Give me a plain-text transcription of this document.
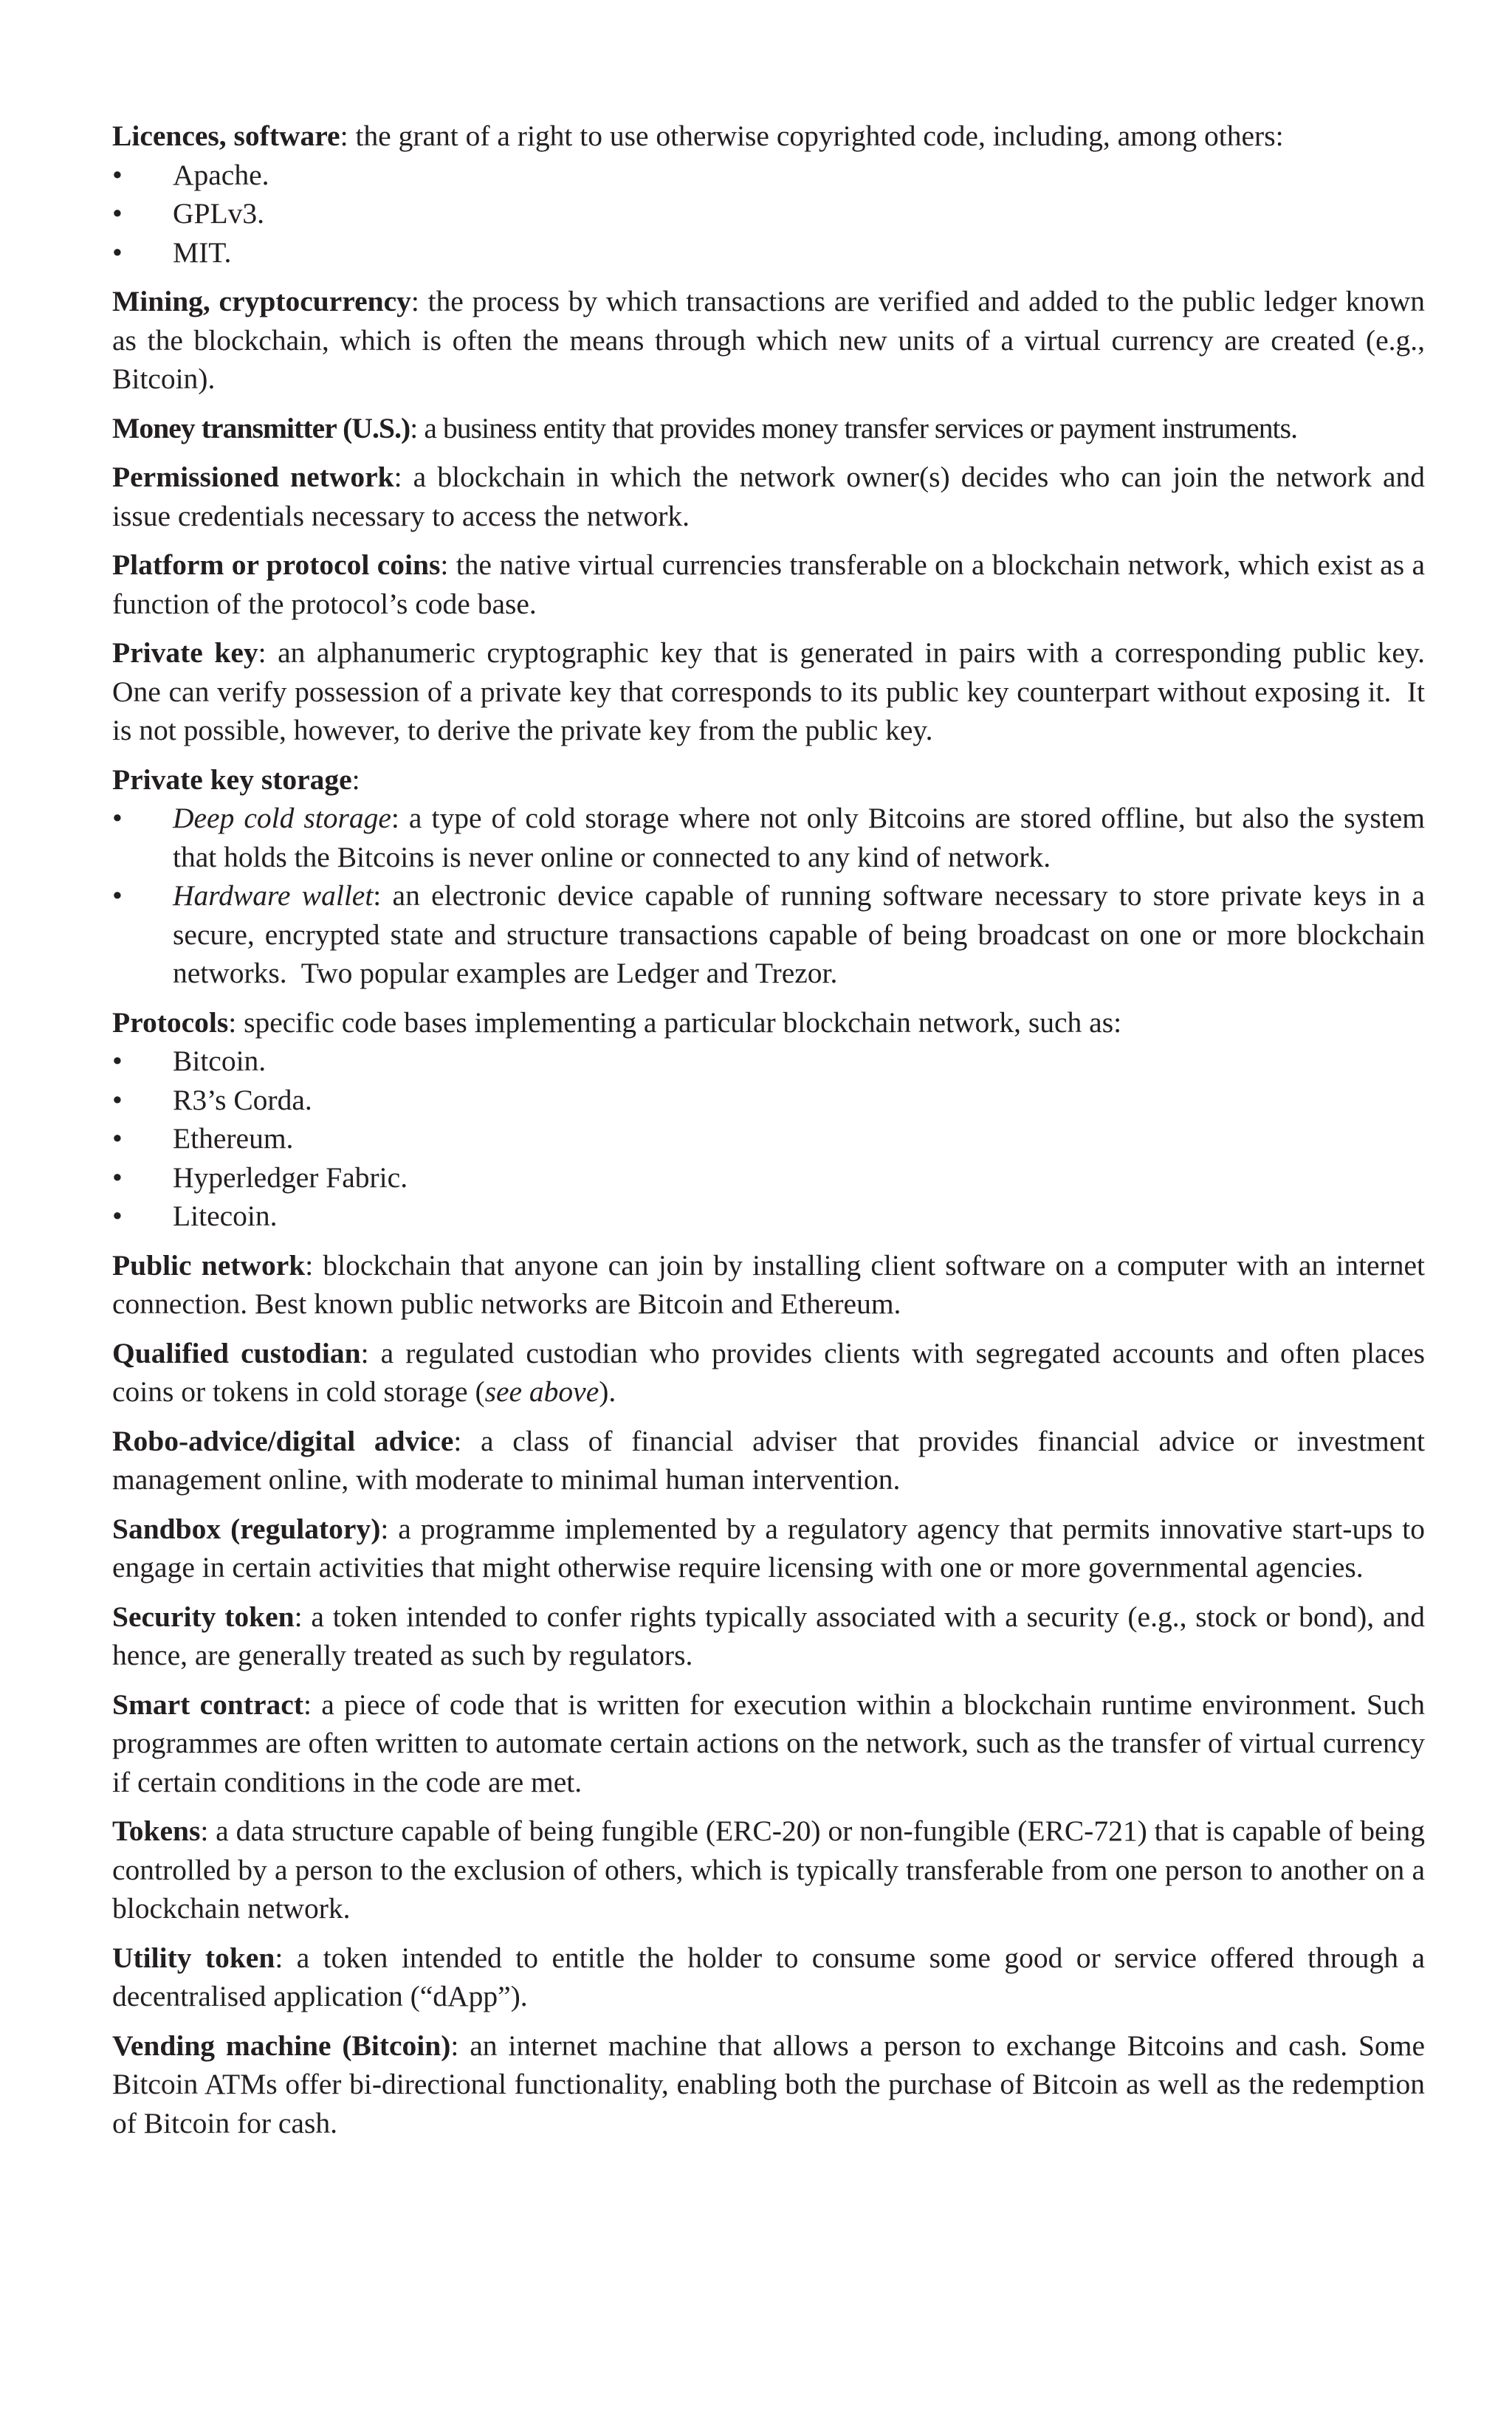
Licences, software: the grant of a right to use otherwise copyrighted code, including, among others:
•	Apache.
•	GPLv3.
•	MIT.
Mining, cryptocurrency: the process by which transactions are verified and added to the public ledger known as the blockchain, which is often the means through which new units of a virtual currency are created (e.g., Bitcoin).
Money transmitter (U.S.): a business entity that provides money transfer services or payment instruments.
Permissioned network: a blockchain in which the network owner(s) decides who can join the network and issue credentials necessary to access the network.
Platform or protocol coins: the native virtual currencies transferable on a blockchain network, which exist as a function of the protocol’s code base.
Private key: an alphanumeric cryptographic key that is generated in pairs with a corresponding public key.  One can verify possession of a private key that corresponds to its public key counterpart without exposing it.  It is not possible, however, to derive the private key from the public key.
Private key storage:
•	Deep cold storage: a type of cold storage where not only Bitcoins are stored offline, but also the system that holds the Bitcoins is never online or connected to any kind of network.
•	Hardware wallet: an electronic device capable of running software necessary to store private keys in a secure, encrypted state and structure transactions capable of being broadcast on one or more blockchain networks.  Two popular examples are Ledger and Trezor.
Protocols: specific code bases implementing a particular blockchain network, such as:
•	Bitcoin.
•	R3’s Corda.
•	Ethereum.
•	Hyperledger Fabric.
•	Litecoin.
Public network: blockchain that anyone can join by installing client software on a computer with an internet connection. Best known public networks are Bitcoin and Ethereum.
Qualified custodian: a regulated custodian who provides clients with segregated accounts and often places coins or tokens in cold storage (see above).
Robo-advice/digital advice: a class of financial adviser that provides financial advice or investment management online, with moderate to minimal human intervention.
Sandbox (regulatory): a programme implemented by a regulatory agency that permits innovative start-ups to engage in certain activities that might otherwise require licensing with one or more governmental agencies.
Security token: a token intended to confer rights typically associated with a security (e.g., stock or bond), and hence, are generally treated as such by regulators.
Smart contract: a piece of code that is written for execution within a blockchain runtime environment. Such programmes are often written to automate certain actions on the network, such as the transfer of virtual currency if certain conditions in the code are met.
Tokens: a data structure capable of being fungible (ERC-20) or non-fungible (ERC-721) that is capable of being controlled by a person to the exclusion of others, which is typically transferable from one person to another on a blockchain network.
Utility token: a token intended to entitle the holder to consume some good or service offered through a decentralised application (“dApp”).
Vending machine (Bitcoin): an internet machine that allows a person to exchange Bitcoins and cash. Some Bitcoin ATMs offer bi-directional functionality, enabling both the purchase of Bitcoin as well as the redemption of Bitcoin for cash.
